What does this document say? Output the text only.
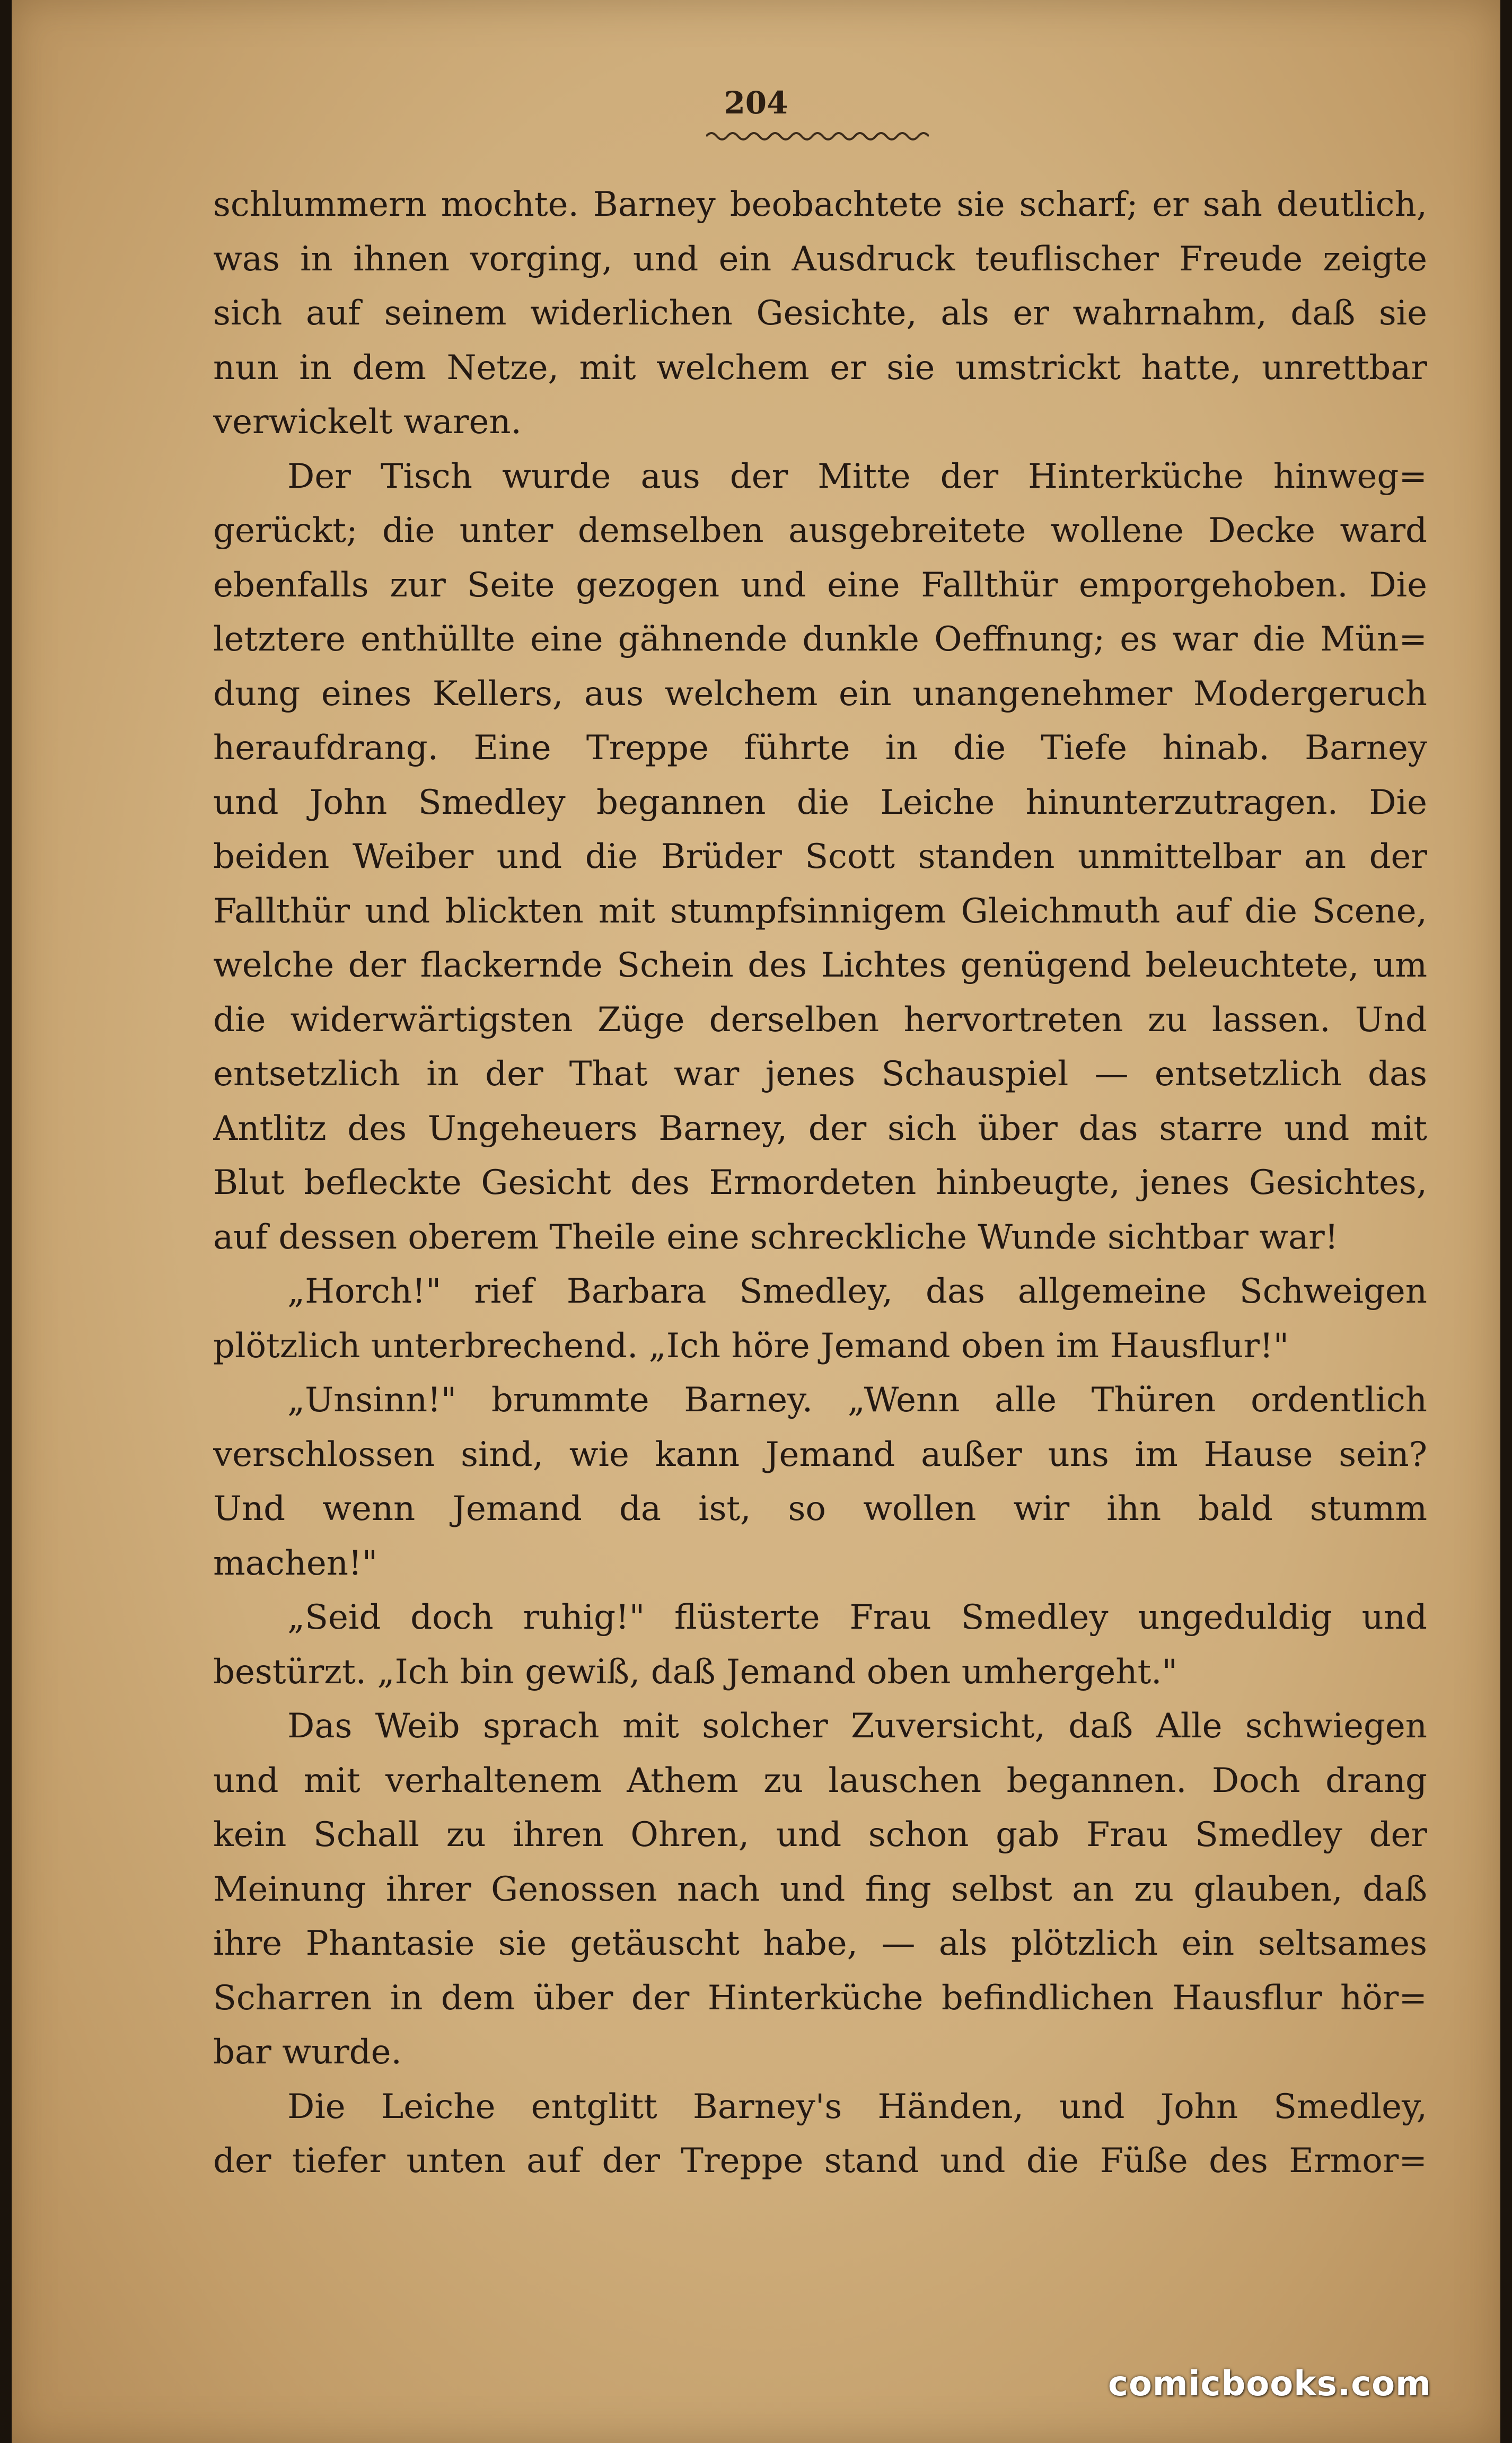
204
schlummern mochte. Barney beobachtete sie scharf; er sah deutlich,
was in ihnen vorging, und ein Ausdruck teuflischer Freude zeigte
sich auf seinem widerlichen Gesichte, als er wahrnahm, daß sie
nun in dem Netze, mit welchem er sie umstrickt hatte, unrettbar
verwickelt waren.
Der Tisch wurde aus der Mitte der Hinterküche hinweg=
gerückt; die unter demselben ausgebreitete wollene Decke ward
ebenfalls zur Seite gezogen und eine Fallthür emporgehoben. Die
letztere enthüllte eine gähnende dunkle Oeffnung; es war die Mün=
dung eines Kellers, aus welchem ein unangenehmer Modergeruch
heraufdrang. Eine Treppe führte in die Tiefe hinab. Barney
und John Smedley begannen die Leiche hinunterzutragen. Die
beiden Weiber und die Brüder Scott standen unmittelbar an der
Fallthür und blickten mit stumpfsinnigem Gleichmuth auf die Scene,
welche der flackernde Schein des Lichtes genügend beleuchtete, um
die widerwärtigsten Züge derselben hervortreten zu lassen. Und
entsetzlich in der That war jenes Schauspiel — entsetzlich das
Antlitz des Ungeheuers Barney, der sich über das starre und mit
Blut befleckte Gesicht des Ermordeten hinbeugte, jenes Gesichtes,
auf dessen oberem Theile eine schreckliche Wunde sichtbar war!
„Horch!" rief Barbara Smedley, das allgemeine Schweigen
plötzlich unterbrechend. „Ich höre Jemand oben im Hausflur!"
„Unsinn!" brummte Barney. „Wenn alle Thüren ordentlich
verschlossen sind, wie kann Jemand außer uns im Hause sein?
Und wenn Jemand da ist, so wollen wir ihn bald stumm
machen!"
„Seid doch ruhig!" flüsterte Frau Smedley ungeduldig und
bestürzt. „Ich bin gewiß, daß Jemand oben umhergeht."
Das Weib sprach mit solcher Zuversicht, daß Alle schwiegen
und mit verhaltenem Athem zu lauschen begannen. Doch drang
kein Schall zu ihren Ohren, und schon gab Frau Smedley der
Meinung ihrer Genossen nach und fing selbst an zu glauben, daß
ihre Phantasie sie getäuscht habe, — als plötzlich ein seltsames
Scharren in dem über der Hinterküche befindlichen Hausflur hör=
bar wurde.
Die Leiche entglitt Barney's Händen, und John Smedley,
der tiefer unten auf der Treppe stand und die Füße des Ermor=
comicbooks.com
